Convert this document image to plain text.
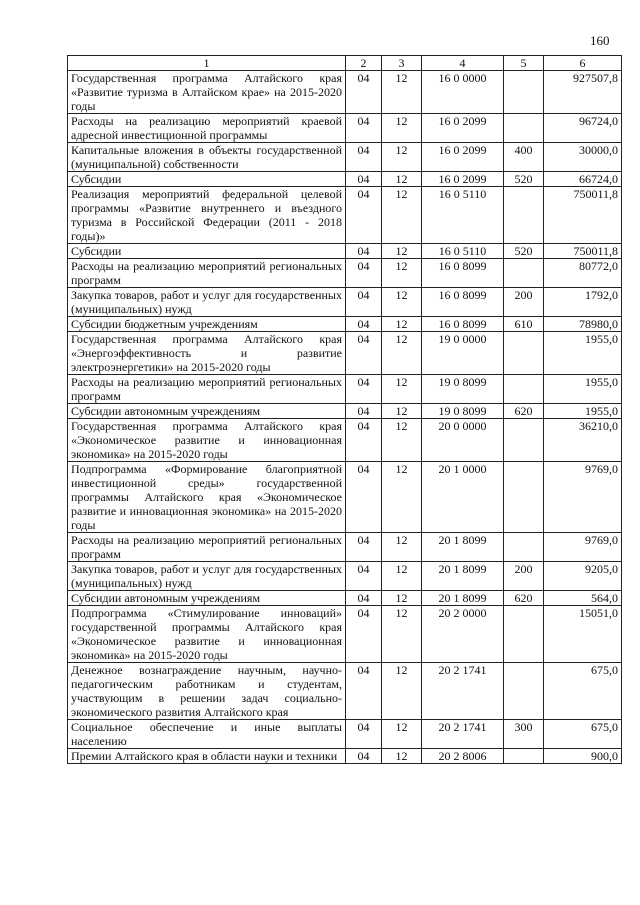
160
1	2	3	4	5	6
Государственная программа Алтайского края «Развитие туризма в Алтайском крае» на 2015-2020 годы	04	12	16 0 0000		927507,8
Расходы на реализацию мероприятий краевой адресной инвестиционной программы	04	12	16 0 2099		96724,0
Капитальные вложения в объекты государственной (муниципальной) собственности	04	12	16 0 2099	400	30000,0
Субсидии	04	12	16 0 2099	520	66724,0
Реализация мероприятий федеральной целевой программы «Развитие внутреннего и въездного туризма в Российской Федерации (2011 - 2018 годы)»	04	12	16 0 5110		750011,8
Субсидии	04	12	16 0 5110	520	750011,8
Расходы на реализацию мероприятий региональных программ	04	12	16 0 8099		80772,0
Закупка товаров, работ и услуг для государственных (муниципальных) нужд	04	12	16 0 8099	200	1792,0
Субсидии бюджетным учреждениям	04	12	16 0 8099	610	78980,0
Государственная программа Алтайского края «Энергоэффективность и развитие электроэнергетики» на 2015-2020 годы	04	12	19 0 0000		1955,0
Расходы на реализацию мероприятий региональных программ	04	12	19 0 8099		1955,0
Субсидии автономным учреждениям	04	12	19 0 8099	620	1955,0
Государственная программа Алтайского края «Экономическое развитие и инновационная экономика» на 2015-2020 годы	04	12	20 0 0000		36210,0
Подпрограмма «Формирование благоприятной инвестиционной среды» государственной программы Алтайского края «Экономическое развитие и инновационная экономика» на 2015-2020 годы	04	12	20 1 0000		9769,0
Расходы на реализацию мероприятий региональных программ	04	12	20 1 8099		9769,0
Закупка товаров, работ и услуг для государственных (муниципальных) нужд	04	12	20 1 8099	200	9205,0
Субсидии автономным учреждениям	04	12	20 1 8099	620	564,0
Подпрограмма «Стимулирование инноваций» государственной программы Алтайского края «Экономическое развитие и инновационная экономика» на 2015-2020 годы	04	12	20 2 0000		15051,0
Денежное вознаграждение научным, научно-педагогическим работникам и студентам, участвующим в решении задач социально-экономического развития Алтайского края	04	12	20 2 1741		675,0
Социальное обеспечение и иные выплаты населению	04	12	20 2 1741	300	675,0
Премии Алтайского края в области науки и техники	04	12	20 2 8006		900,0
